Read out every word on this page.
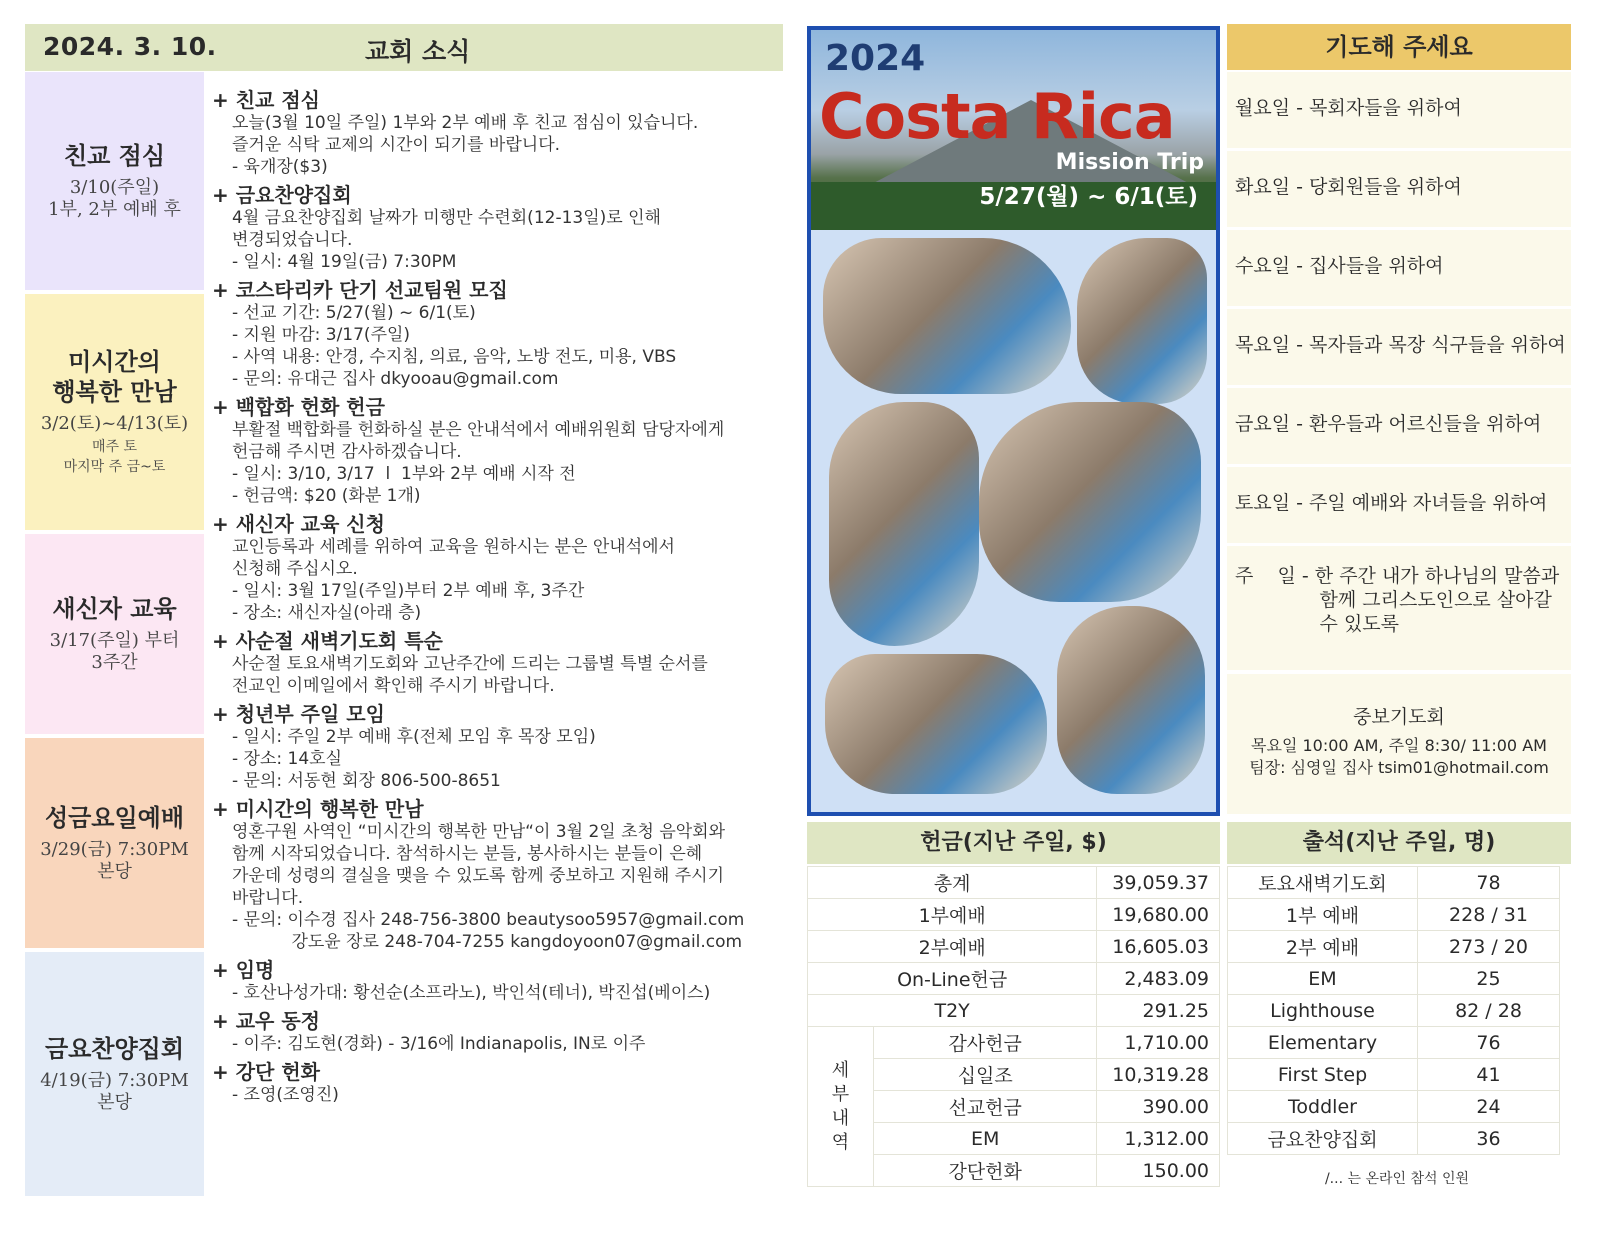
2024. 3. 10.	교회 소식
친교 점심
3/10(주일)
1부, 2부 예배 후
미시간의
행복한 만남
3/2(토)~4/13(토)
매주 토
마지막 주 금~토
새신자 교육
3/17(주일) 부터
3주간
성금요일예배
3/29(금) 7:30PM
본당
금요찬양집회
4/19(금) 7:30PM
본당
+ 친교 점심
오늘(3월 10일 주일) 1부와 2부 예배 후 친교 점심이 있습니다.
즐거운 식탁 교제의 시간이 되기를 바랍니다.
- 육개장($3)
+ 금요찬양집회
4월 금요찬양집회 날짜가 미행만 수련회(12-13일)로 인해
변경되었습니다.
- 일시: 4월 19일(금) 7:30PM
+ 코스타리카 단기 선교팀원 모집
- 선교 기간: 5/27(월) ~ 6/1(토)
- 지원 마감: 3/17(주일)
- 사역 내용: 안경, 수지침, 의료, 음악, 노방 전도, 미용, VBS
- 문의: 유대근 집사 dkyooau@gmail.com
+ 백합화 헌화 헌금
부활절 백합화를 헌화하실 분은 안내석에서 예배위원회 담당자에게
헌금해 주시면 감사하겠습니다.
- 일시: 3/10, 3/17  l  1부와 2부 예배 시작 전
- 헌금액: $20 (화분 1개)
+ 새신자 교육 신청
교인등록과 세례를 위하여 교육을 원하시는 분은 안내석에서
신청해 주십시오.
- 일시: 3월 17일(주일)부터 2부 예배 후, 3주간
- 장소: 새신자실(아래 층)
+ 사순절 새벽기도회 특순
사순절 토요새벽기도회와 고난주간에 드리는 그룹별 특별 순서를
전교인 이메일에서 확인해 주시기 바랍니다.
+ 청년부 주일 모임
- 일시: 주일 2부 예배 후(전체 모임 후 목장 모임)
- 장소: 14호실
- 문의: 서동현 회장 806-500-8651
+ 미시간의 행복한 만남
영혼구원 사역인 “미시간의 행복한 만남“이 3월 2일 초청 음악회와
함께 시작되었습니다. 참석하시는 분들, 봉사하시는 분들이 은혜
가운데 성령의 결실을 맺을 수 있도록 함께 중보하고 지원해 주시기
바랍니다.
- 문의: 이수경 집사 248-756-3800 beautysoo5957@gmail.com
강도윤 장로 248-704-7255 kangdoyoon07@gmail.com
+ 임명
- 호산나성가대: 황선순(소프라노), 박인석(테너), 박진섭(베이스)
+ 교우 동정
- 이주: 김도현(경화) - 3/16에 Indianapolis, IN로 이주
+ 강단 헌화
- 조영(조영진)
2024
Costa Rica
Mission Trip
5/27(월) ~ 6/1(토)
기도해 주세요
월요일 - 목회자들을 위하여
화요일 - 당회원들을 위하여
수요일 - 집사들을 위하여
목요일 - 목자들과 목장 식구들을 위하여
금요일 - 환우들과 어르신들을 위하여
토요일 - 주일 예배와 자녀들을 위하여
주    일 - 한 주간 내가 하나님의 말씀과
함께 그리스도인으로 살아갈
수 있도록
중보기도회
목요일 10:00 AM, 주일 8:30/ 11:00 AM
팀장: 심영일 집사 tsim01@hotmail.com
헌금(지난 주일, $)
총계		39,059.37
1부예배		19,680.00
2부예배		16,605.03
On-Line헌금		2,483.09
T2Y		291.25
세
부
내
역	감사헌금	1,710.00
	십일조	10,319.28
	선교헌금	390.00
	EM	1,312.00
	강단헌화	150.00
출석(지난 주일, 명)
토요새벽기도회	78
1부 예배	228 / 31
2부 예배	273 / 20
EM	25
Lighthouse	82 / 28
Elementary	76
First Step	41
Toddler	24
금요찬양집회	36
/... 는 온라인 참석 인원
